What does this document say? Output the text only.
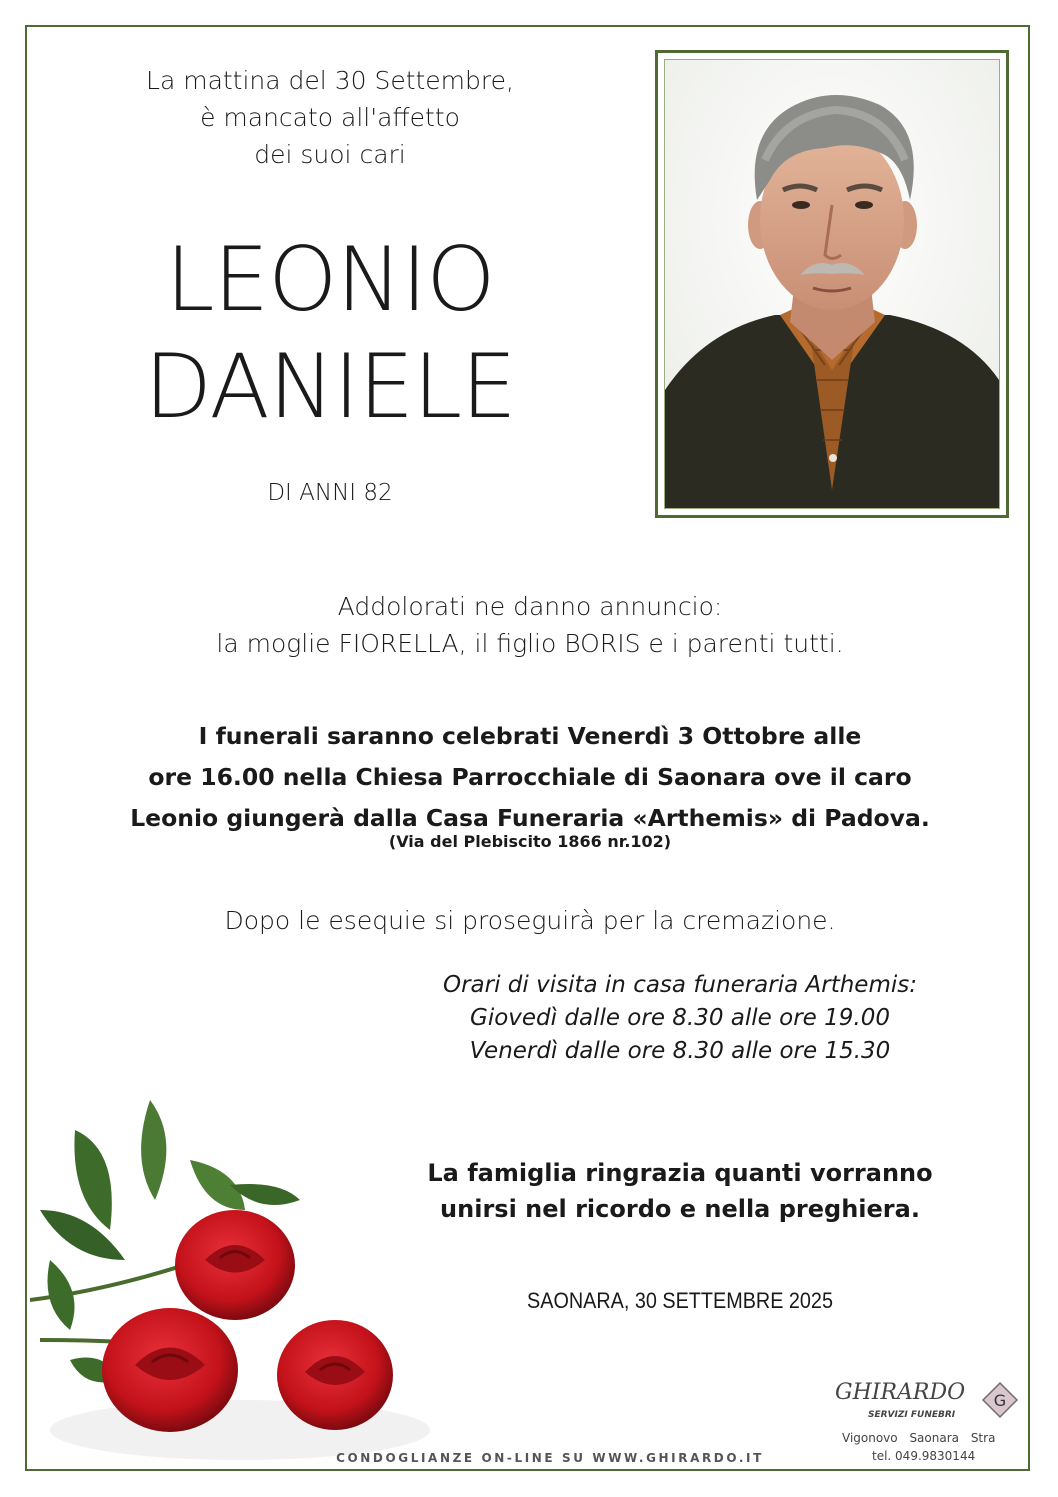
La mattina del 30 Settembre,
è mancato all'affetto
dei suoi cari
LEONIO
DANIELE
DI ANNI 82
Addolorati ne danno annuncio:
la moglie FIORELLA, il figlio BORIS e i parenti tutti.
I funerali saranno celebrati Venerdì 3 Ottobre alle
ore 16.00 nella Chiesa Parrocchiale di Saonara ove il caro
Leonio giungerà dalla Casa Funeraria «Arthemis» di Padova.
(Via del Plebiscito 1866 nr.102)
Dopo le esequie si proseguirà per la cremazione.
Orari di visita in casa funeraria Arthemis:
Giovedì dalle ore 8.30 alle ore 19.00
Venerdì dalle ore 8.30 alle ore 15.30
La famiglia ringrazia quanti vorranno
unirsi nel ricordo e nella preghiera.
SAONARA, 30 SETTEMBRE 2025
GHIRARDO
SERVIZI FUNEBRI
G
Vigonovo Saonara Stra
tel. 049.9830144
CONDOGLIANZE ON-LINE SU WWW.GHIRARDO.IT
